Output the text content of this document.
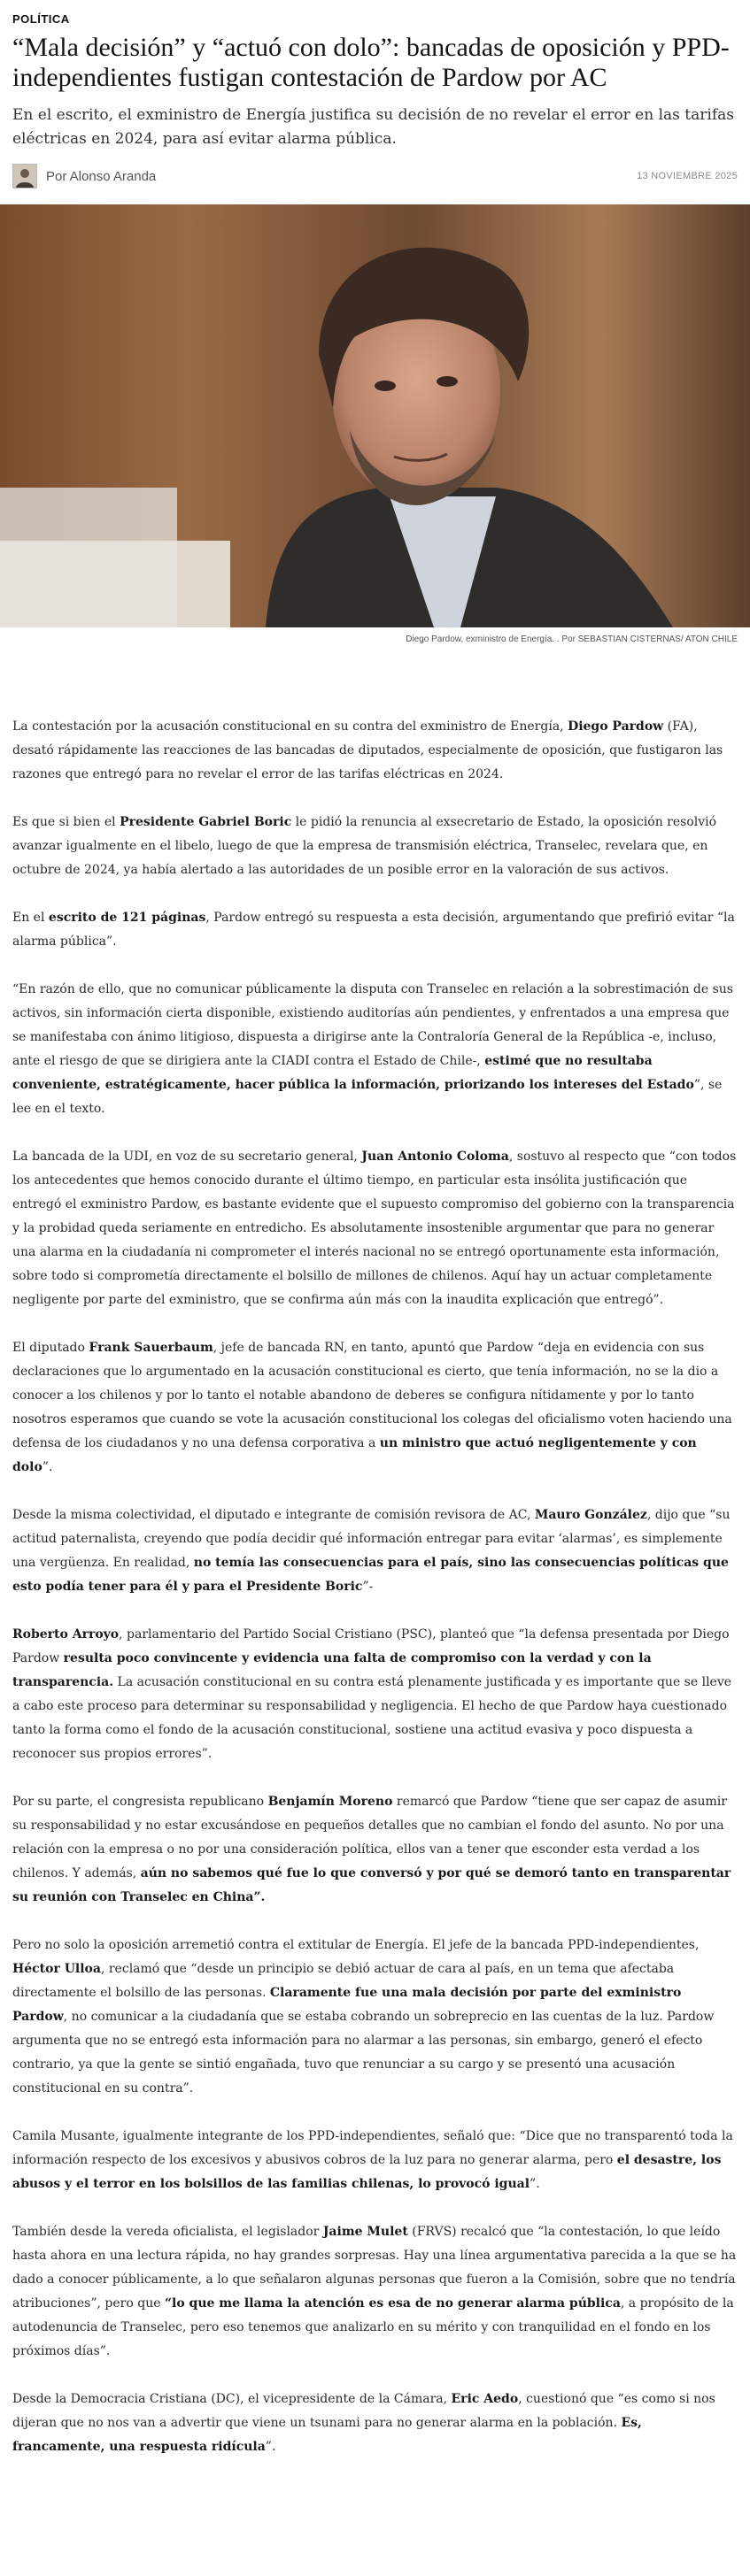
POLÍTICA
“Mala decisión” y “actuó con dolo”: bancadas de oposición y PPD-independientes fustigan contestación de Pardow por AC
En el escrito, el exministro de Energía justifica su decisión de no revelar el error en las tarifas eléctricas en 2024, para así evitar alarma pública.
Por Alonso Aranda	13 NOVIEMBRE 2025
Diego Pardow, exministro de Energía. . Por SEBASTIAN CISTERNAS/ ATON CHILE

La contestación por la acusación constitucional en su contra del exministro de Energía, Diego Pardow (FA), desató rápidamente las reacciones de las bancadas de diputados, especialmente de oposición, que fustigaron las razones que entregó para no revelar el error de las tarifas eléctricas en 2024.

Es que si bien el Presidente Gabriel Boric le pidió la renuncia al exsecretario de Estado, la oposición resolvió avanzar igualmente en el libelo, luego de que la empresa de transmisión eléctrica, Transelec, revelara que, en octubre de 2024, ya había alertado a las autoridades de un posible error en la valoración de sus activos.

En el escrito de 121 páginas, Pardow entregó su respuesta a esta decisión, argumentando que prefirió evitar “la alarma pública”.

“En razón de ello, que no comunicar públicamente la disputa con Transelec en relación a la sobrestimación de sus activos, sin información cierta disponible, existiendo auditorías aún pendientes, y enfrentados a una empresa que se manifestaba con ánimo litigioso, dispuesta a dirigirse ante la Contraloría General de la República -e, incluso, ante el riesgo de que se dirigiera ante la CIADI contra el Estado de Chile-, estimé que no resultaba conveniente, estratégicamente, hacer pública la información, priorizando los intereses del Estado”, se lee en el texto.

La bancada de la UDI, en voz de su secretario general, Juan Antonio Coloma, sostuvo al respecto que “con todos los antecedentes que hemos conocido durante el último tiempo, en particular esta insólita justificación que entregó el exministro Pardow, es bastante evidente que el supuesto compromiso del gobierno con la transparencia y la probidad queda seriamente en entredicho. Es absolutamente insostenible argumentar que para no generar una alarma en la ciudadanía ni comprometer el interés nacional no se entregó oportunamente esta información, sobre todo si comprometía directamente el bolsillo de millones de chilenos. Aquí hay un actuar completamente negligente por parte del exministro, que se confirma aún más con la inaudita explicación que entregó”.

El diputado Frank Sauerbaum, jefe de bancada RN, en tanto, apuntó que Pardow “deja en evidencia con sus declaraciones que lo argumentado en la acusación constitucional es cierto, que tenía información, no se la dio a conocer a los chilenos y por lo tanto el notable abandono de deberes se configura nítidamente y por lo tanto nosotros esperamos que cuando se vote la acusación constitucional los colegas del oficialismo voten haciendo una defensa de los ciudadanos y no una defensa corporativa a un ministro que actuó negligentemente y con dolo”.

Desde la misma colectividad, el diputado e integrante de comisión revisora de AC, Mauro González, dijo que “su actitud paternalista, creyendo que podía decidir qué información entregar para evitar ‘alarmas’, es simplemente una vergüenza. En realidad, no temía las consecuencias para el país, sino las consecuencias políticas que esto podía tener para él y para el Presidente Boric”-

Roberto Arroyo, parlamentario del Partido Social Cristiano (PSC), planteó que “la defensa presentada por Diego Pardow resulta poco convincente y evidencia una falta de compromiso con la verdad y con la transparencia. La acusación constitucional en su contra está plenamente justificada y es importante que se lleve a cabo este proceso para determinar su responsabilidad y negligencia. El hecho de que Pardow haya cuestionado tanto la forma como el fondo de la acusación constitucional, sostiene una actitud evasiva y poco dispuesta a reconocer sus propios errores”.

Por su parte, el congresista republicano Benjamín Moreno remarcó que Pardow “tiene que ser capaz de asumir su responsabilidad y no estar excusándose en pequeños detalles que no cambian el fondo del asunto. No por una relación con la empresa o no por una consideración política, ellos van a tener que esconder esta verdad a los chilenos. Y además, aún no sabemos qué fue lo que conversó y por qué se demoró tanto en transparentar su reunión con Transelec en China”.

Pero no solo la oposición arremetió contra el extitular de Energía. El jefe de la bancada PPD-independientes, Héctor Ulloa, reclamó que “desde un principio se debió actuar de cara al país, en un tema que afectaba directamente el bolsillo de las personas. Claramente fue una mala decisión por parte del exministro Pardow, no comunicar a la ciudadanía que se estaba cobrando un sobreprecio en las cuentas de la luz. Pardow argumenta que no se entregó esta información para no alarmar a las personas, sin embargo, generó el efecto contrario, ya que la gente se sintió engañada, tuvo que renunciar a su cargo y se presentó una acusación constitucional en su contra”.

Camila Musante, igualmente integrante de los PPD-independientes, señaló que: “Dice que no transparentó toda la información respecto de los excesivos y abusivos cobros de la luz para no generar alarma, pero el desastre, los abusos y el terror en los bolsillos de las familias chilenas, lo provocó igual”.

También desde la vereda oficialista, el legislador Jaime Mulet (FRVS) recalcó que “la contestación, lo que leído hasta ahora en una lectura rápida, no hay grandes sorpresas. Hay una línea argumentativa parecida a la que se ha dado a conocer públicamente, a lo que señalaron algunas personas que fueron a la Comisión, sobre que no tendría atribuciones”, pero que “lo que me llama la atención es esa de no generar alarma pública, a propósito de la autodenuncia de Transelec, pero eso tenemos que analizarlo en su mérito y con tranquilidad en el fondo en los próximos días”.

Desde la Democracia Cristiana (DC), el vicepresidente de la Cámara, Eric Aedo, cuestionó que “es como si nos dijeran que no nos van a advertir que viene un tsunami para no generar alarma en la población. Es, francamente, una respuesta ridícula”.
